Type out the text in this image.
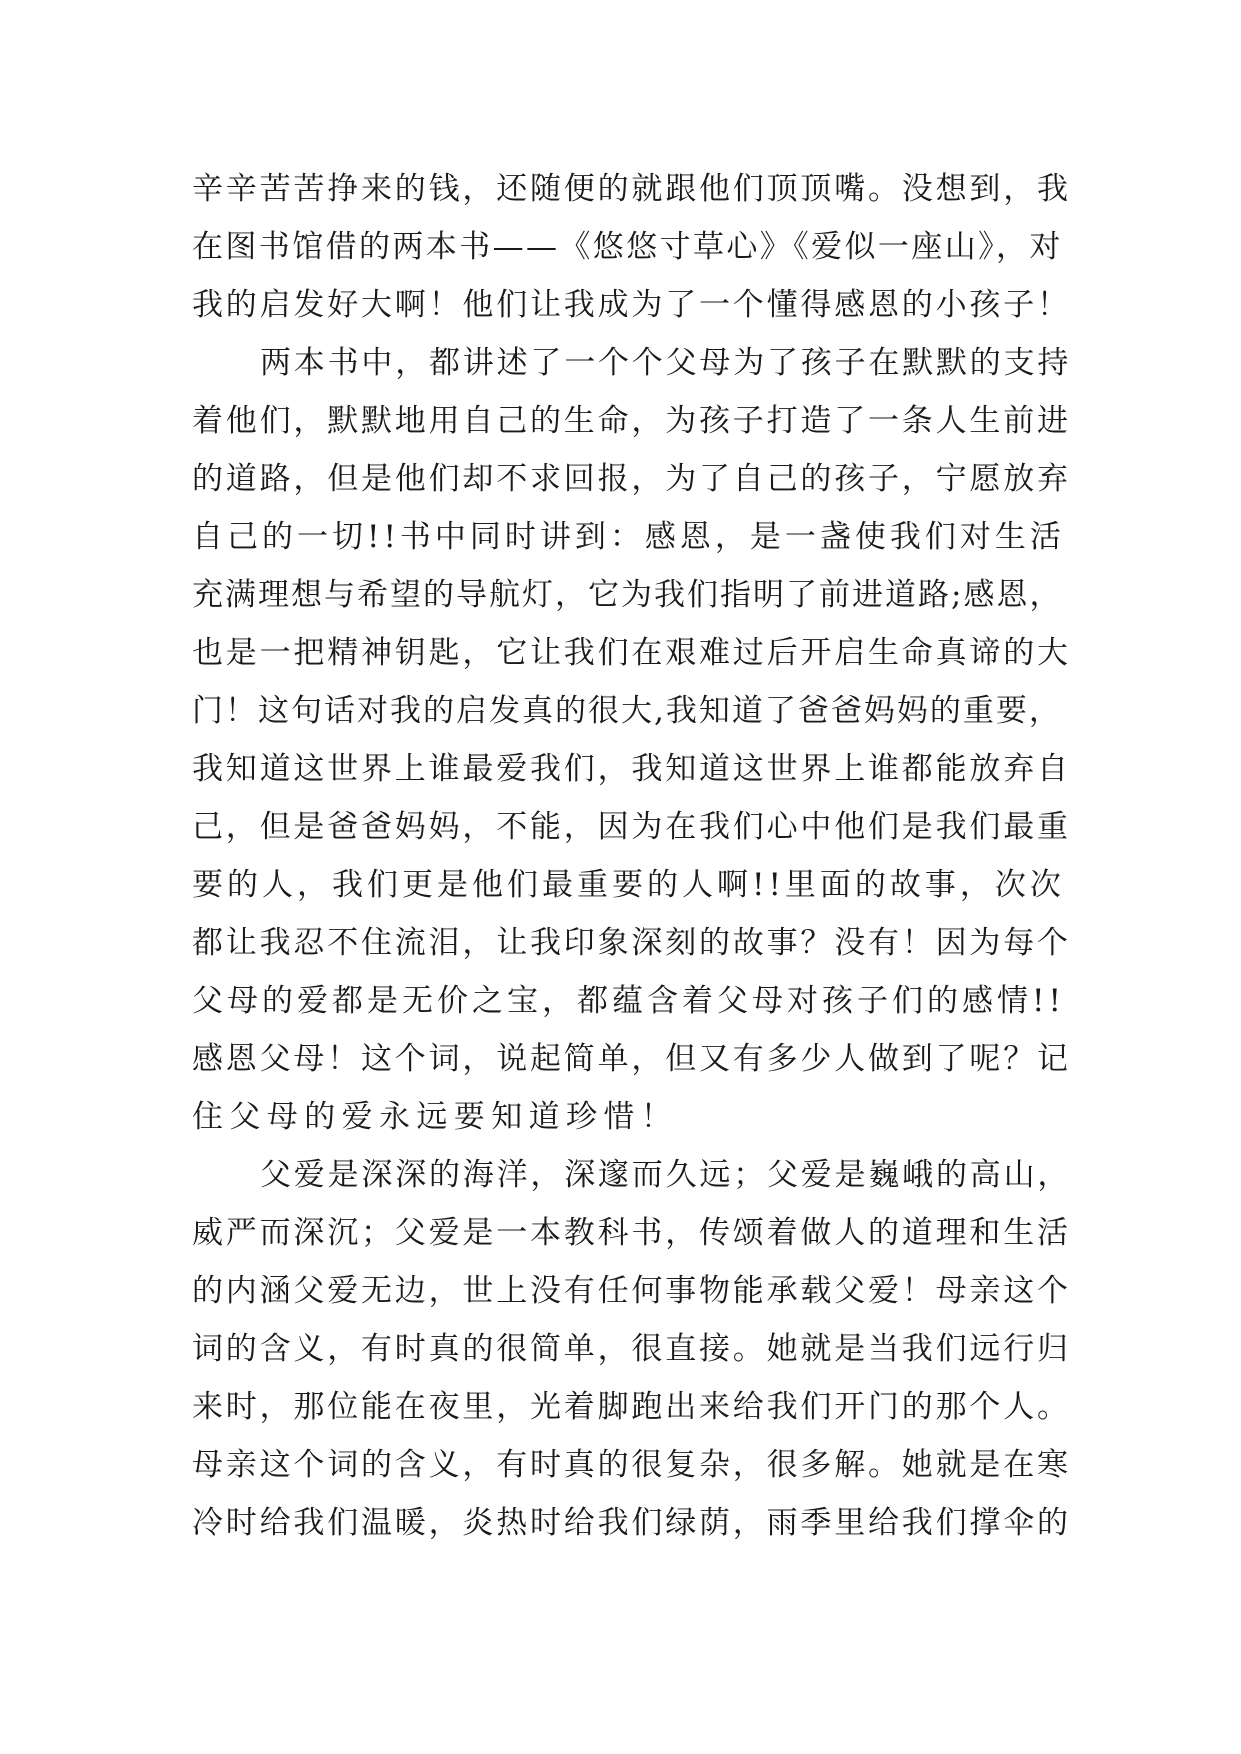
辛辛苦苦挣来的钱，还随便的就跟他们顶顶嘴。没想到，我
在图书馆借的两本书——《悠悠寸草心》《爱似一座山》，对
我的启发好大啊！他们让我成为了一个懂得感恩的小孩子！
两本书中，都讲述了一个个父母为了孩子在默默的支持
着他们，默默地用自己的生命，为孩子打造了一条人生前进
的道路，但是他们却不求回报，为了自己的孩子，宁愿放弃
自己的一切!!书中同时讲到：感恩，是一盏使我们对生活
充满理想与希望的导航灯，它为我们指明了前进道路;感恩，
也是一把精神钥匙，它让我们在艰难过后开启生命真谛的大
门！这句话对我的启发真的很大,我知道了爸爸妈妈的重要，
我知道这世界上谁最爱我们，我知道这世界上谁都能放弃自
己，但是爸爸妈妈，不能，因为在我们心中他们是我们最重
要的人，我们更是他们最重要的人啊!!里面的故事，次次
都让我忍不住流泪，让我印象深刻的故事？没有！因为每个
父母的爱都是无价之宝，都蕴含着父母对孩子们的感情!!
感恩父母！这个词，说起简单，但又有多少人做到了呢？记
住父母的爱永远要知道珍惜！
父爱是深深的海洋，深邃而久远；父爱是巍峨的高山，
威严而深沉；父爱是一本教科书，传颂着做人的道理和生活
的内涵父爱无边，世上没有任何事物能承载父爱！母亲这个
词的含义，有时真的很简单，很直接。她就是当我们远行归
来时，那位能在夜里，光着脚跑出来给我们开门的那个人。
母亲这个词的含义，有时真的很复杂，很多解。她就是在寒
冷时给我们温暖，炎热时给我们绿荫，雨季里给我们撑伞的
